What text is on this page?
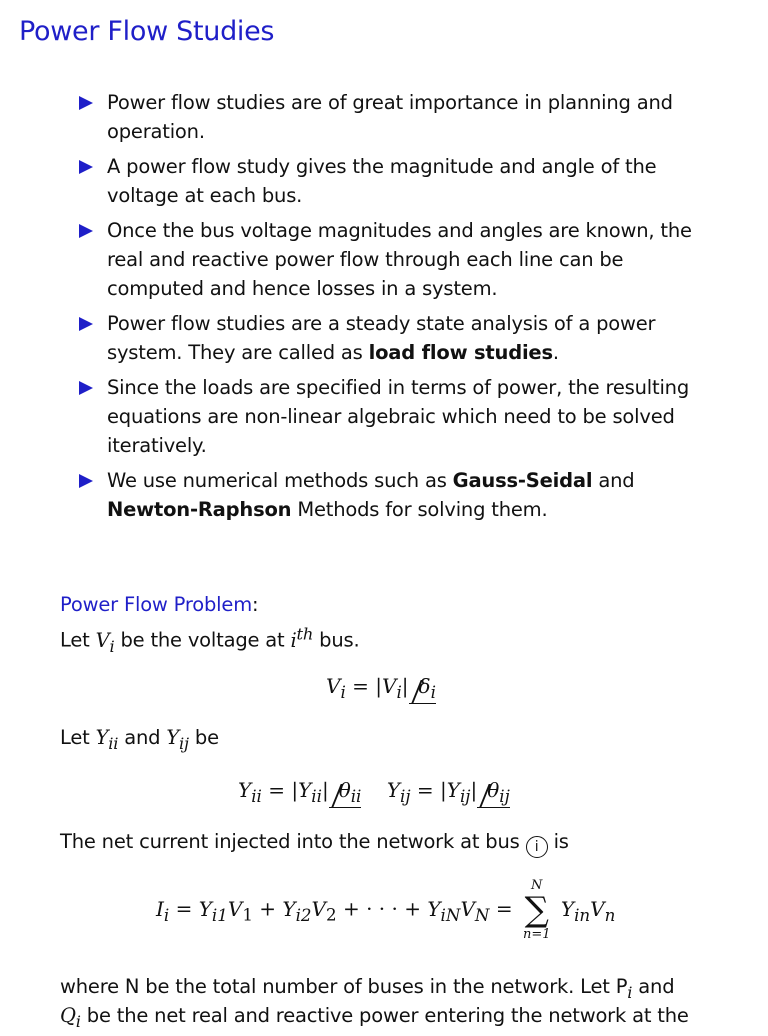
Power Flow Studies
Power flow studies are of great importance in planning and operation.
A power flow study gives the magnitude and angle of the voltage at each bus.
Once the bus voltage magnitudes and angles are known, the real and reactive power flow through each line can be computed and hence losses in a system.
Power flow studies are a steady state analysis of a power system. They are called as load flow studies.
Since the loads are specified in terms of power, the resulting equations are non-linear algebraic which need to be solved iteratively.
We use numerical methods such as Gauss-Seidal and Newton-Raphson Methods for solving them.
Power Flow Problem:
Let $V_i$ be the voltage at $i^{th}$ bus.
$V_i = |V_i|$ $\delta_i$
Let $Y_{ii}$ and $Y_{ij}$ be
$Y_{ii} = |Y_{ii}|$ $\theta_{ii}$ $Y_{ij} = |Y_{ij}|$ $\theta_{ij}$
The net current injected into the network at bus i is
$I_i = Y_{i1}V_1 + Y_{i2}V_2$ + · · · + $Y_{iN}V_N$ =
N
∑
n=1
$Y_{in}V_n$
where N be the total number of buses in the network. Let $P_i$ and
$Q_i$ be the net real and reactive power entering the network at the
